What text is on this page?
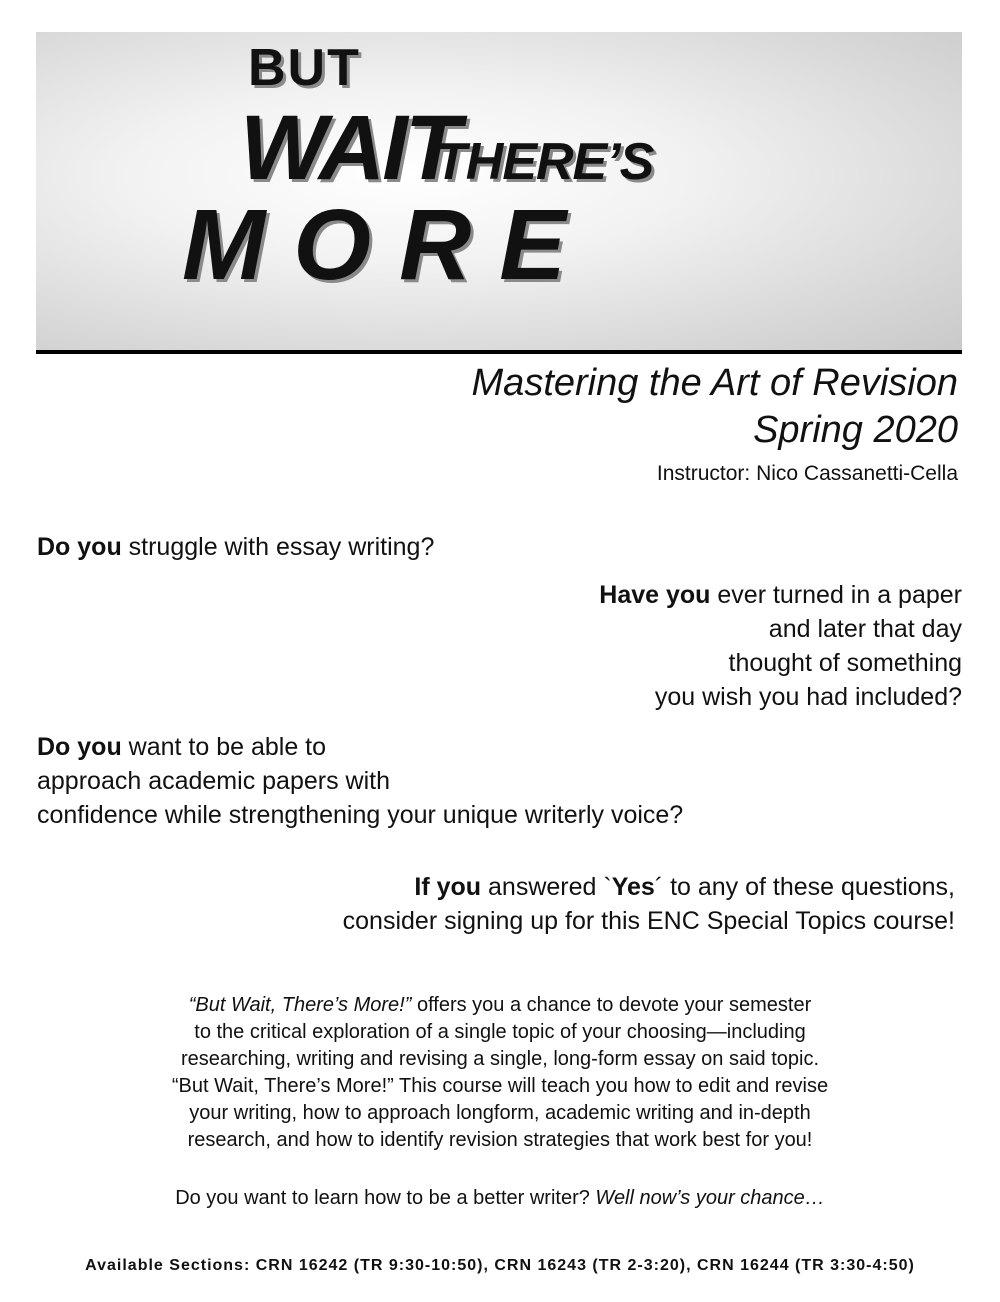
BUT
WAIT
THERE’S
MORE
Mastering the Art of Revision
Spring 2020
Instructor: Nico Cassanetti-Cella
Do you struggle with essay writing?
Have you ever turned in a paper
and later that day
thought of something
you wish you had included?
Do you want to be able to
approach academic papers with
confidence while strengthening your unique writerly voice?
If you answered `Yes´ to any of these questions,
consider signing up for this ENC Special Topics course!
“But Wait, There’s More!” offers you a chance to devote your semester
to the critical exploration of a single topic of your choosing—including
researching, writing and revising a single, long-form essay on said topic.
“But Wait, There’s More!” This course will teach you how to edit and revise
your writing, how to approach longform, academic writing and in-depth
research, and how to identify revision strategies that work best for you!
Do you want to learn how to be a better writer? Well now’s your chance…
Available Sections: CRN 16242 (TR 9:30-10:50), CRN 16243 (TR 2-3:20), CRN 16244 (TR 3:30-4:50)
